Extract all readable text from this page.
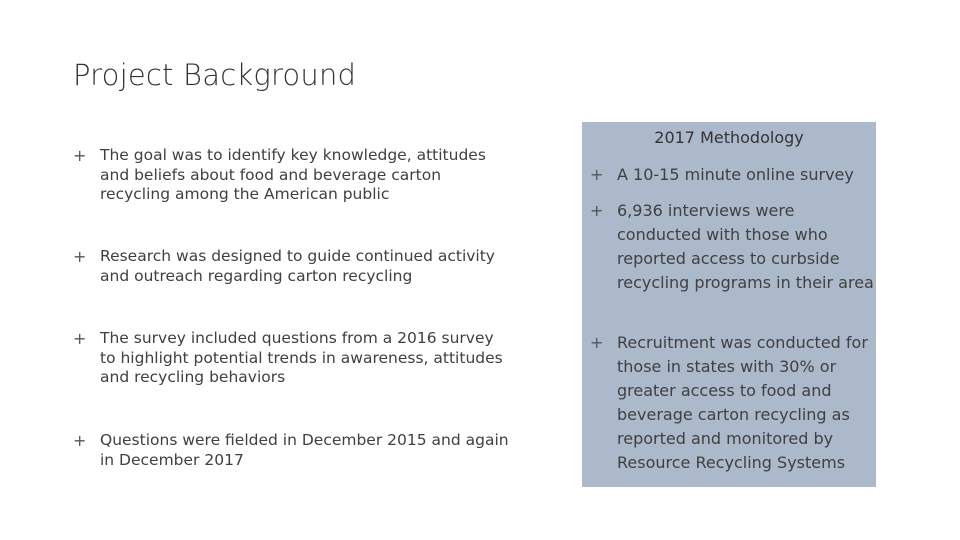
Project Background
+ The goal was to identify key knowledge, attitudes and beliefs about food and beverage carton recycling among the American public
+ Research was designed to guide continued activity and outreach regarding carton recycling
+ The survey included questions from a 2016 survey to highlight potential trends in awareness, attitudes and recycling behaviors
+ Questions were fielded in December 2015 and again in December 2017
2017 Methodology
+ A 10-15 minute online survey
+ 6,936 interviews were conducted with those who reported access to curbside recycling programs in their area
+ Recruitment was conducted for those in states with 30% or greater access to food and beverage carton recycling as reported and monitored by Resource Recycling Systems
